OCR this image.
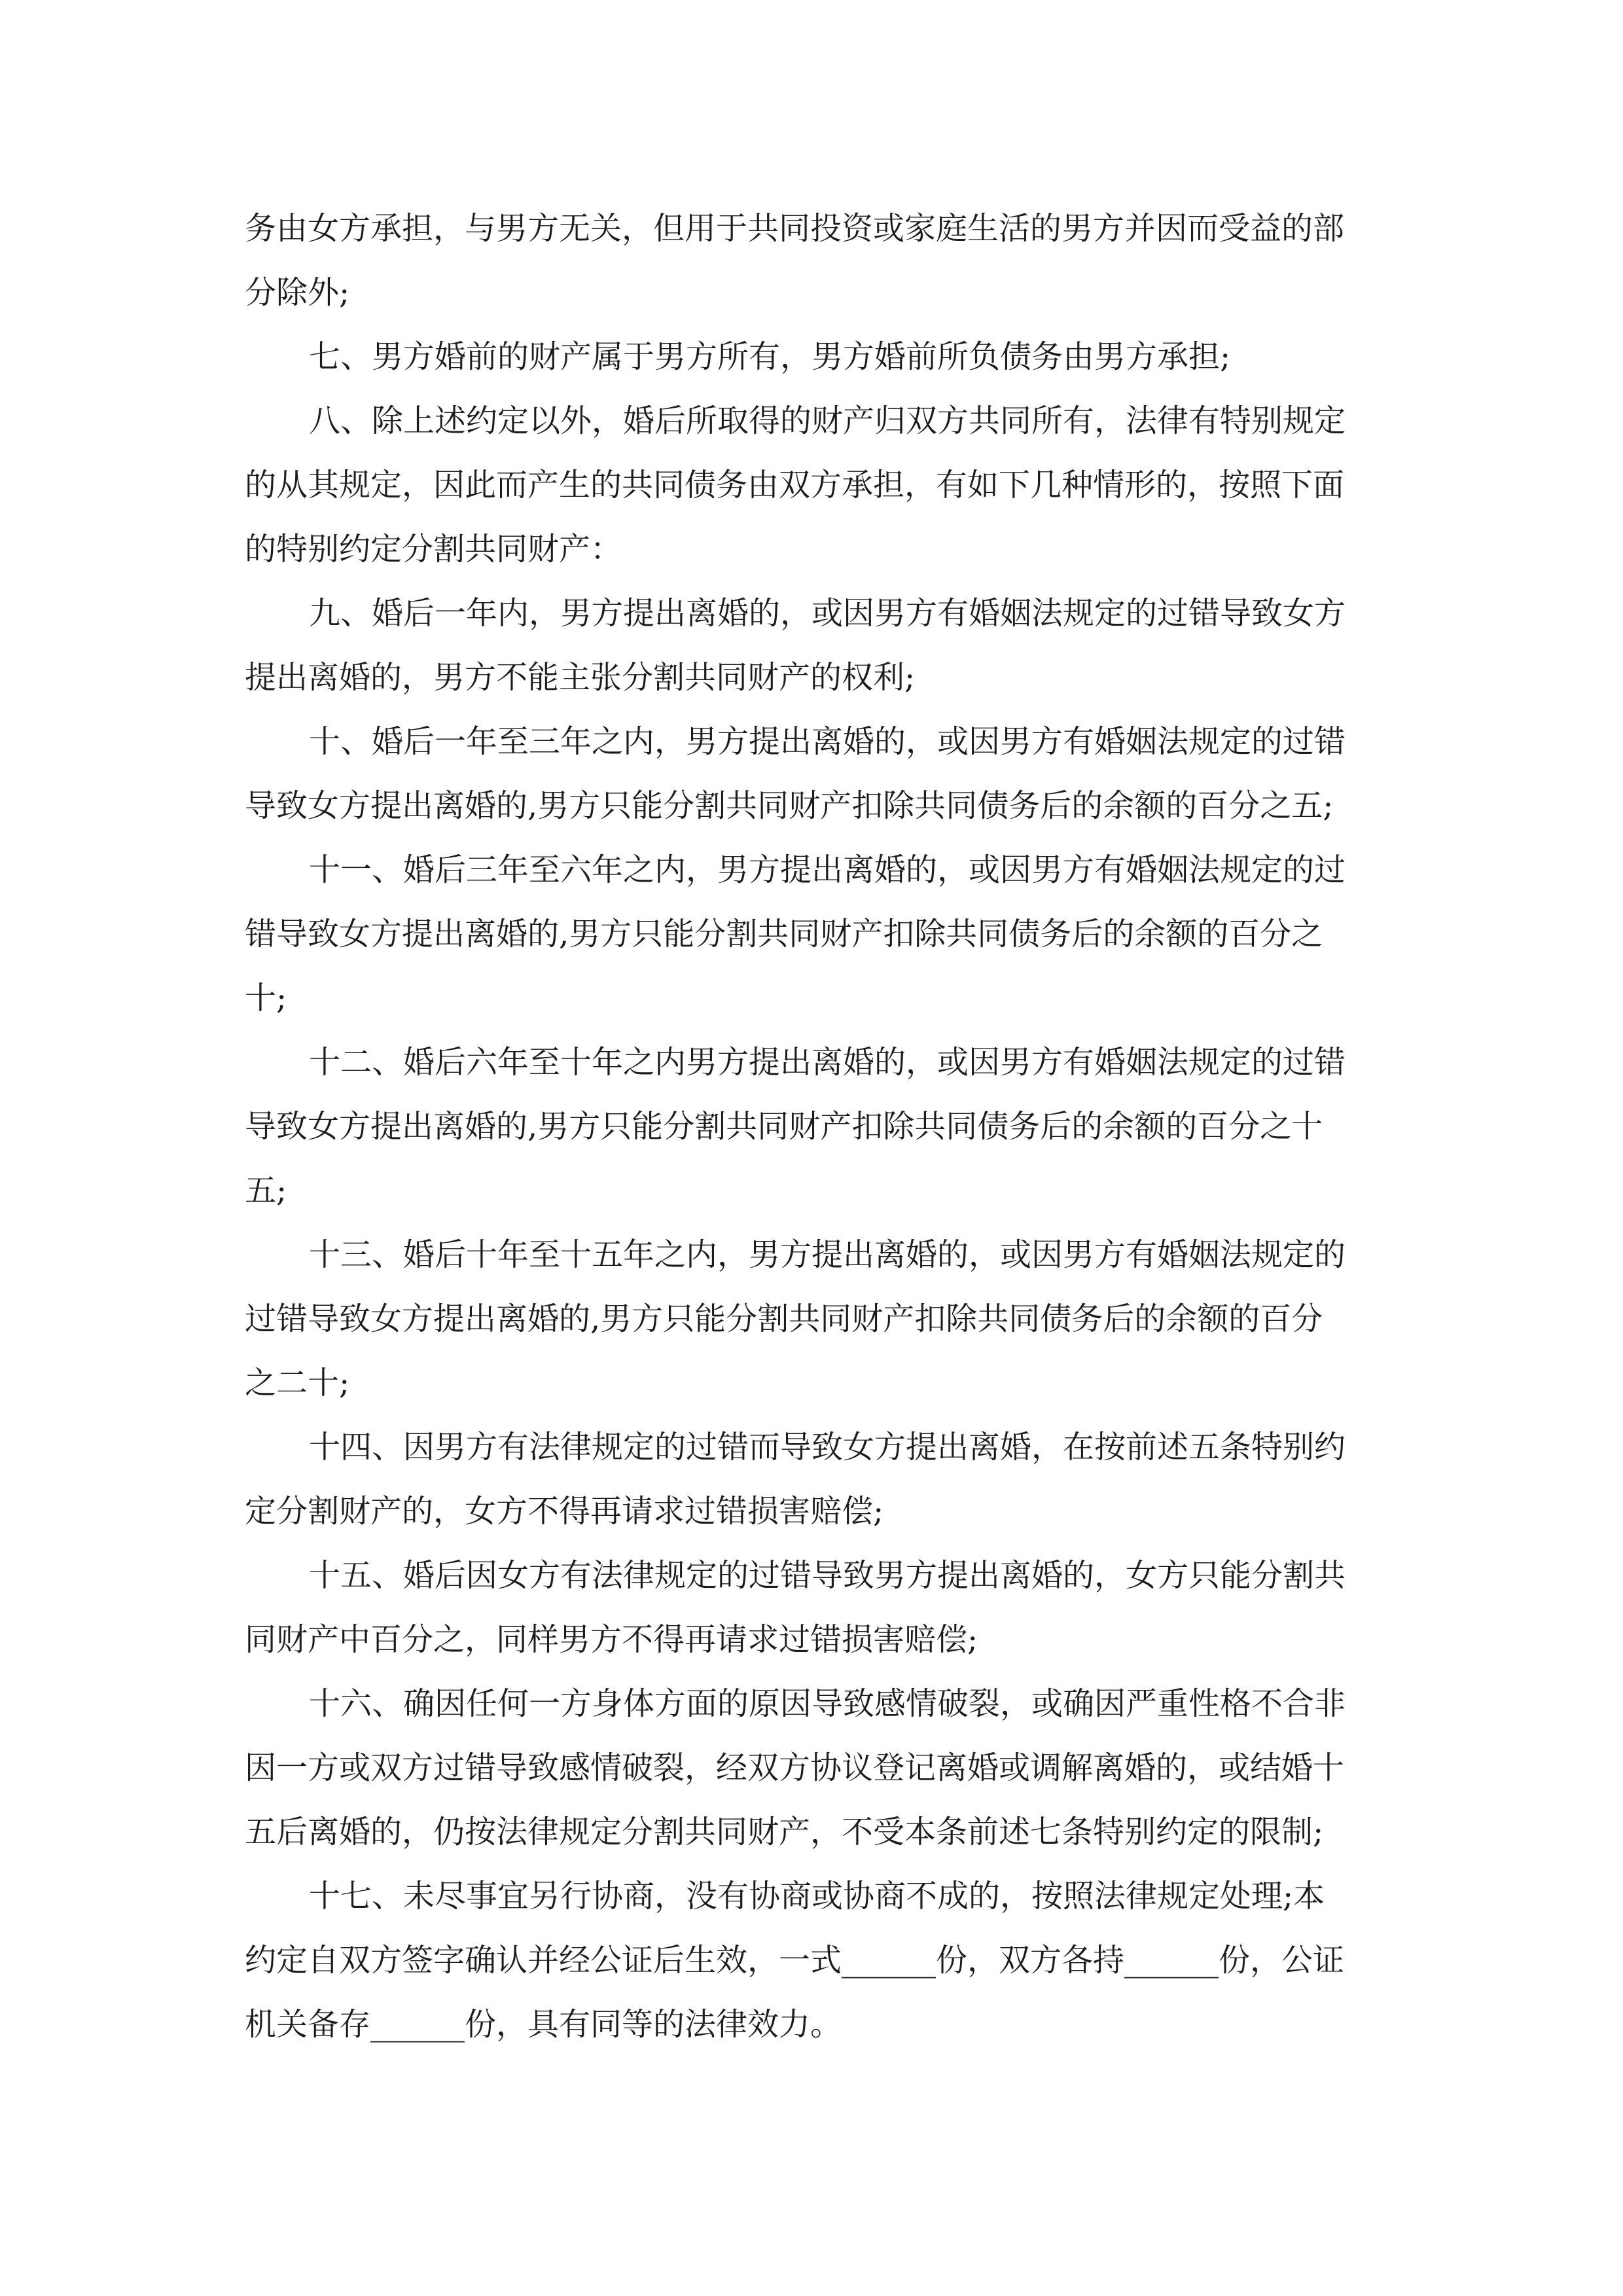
务由女方承担，与男方无关，但用于共同投资或家庭生活的男方并因而受益的部
分除外;
七、男方婚前的财产属于男方所有，男方婚前所负债务由男方承担;
八、除上述约定以外，婚后所取得的财产归双方共同所有，法律有特别规定
的从其规定，因此而产生的共同债务由双方承担，有如下几种情形的，按照下面
的特别约定分割共同财产：
九、婚后一年内，男方提出离婚的，或因男方有婚姻法规定的过错导致女方
提出离婚的，男方不能主张分割共同财产的权利;
十、婚后一年至三年之内，男方提出离婚的，或因男方有婚姻法规定的过错
导致女方提出离婚的,男方只能分割共同财产扣除共同债务后的余额的百分之五;
十一、婚后三年至六年之内，男方提出离婚的，或因男方有婚姻法规定的过
错导致女方提出离婚的,男方只能分割共同财产扣除共同债务后的余额的百分之
十;
十二、婚后六年至十年之内男方提出离婚的，或因男方有婚姻法规定的过错
导致女方提出离婚的,男方只能分割共同财产扣除共同债务后的余额的百分之十
五;
十三、婚后十年至十五年之内，男方提出离婚的，或因男方有婚姻法规定的
过错导致女方提出离婚的,男方只能分割共同财产扣除共同债务后的余额的百分
之二十;
十四、因男方有法律规定的过错而导致女方提出离婚，在按前述五条特别约
定分割财产的，女方不得再请求过错损害赔偿;
十五、婚后因女方有法律规定的过错导致男方提出离婚的，女方只能分割共
同财产中百分之，同样男方不得再请求过错损害赔偿;
十六、确因任何一方身体方面的原因导致感情破裂，或确因严重性格不合非
因一方或双方过错导致感情破裂，经双方协议登记离婚或调解离婚的，或结婚十
五后离婚的，仍按法律规定分割共同财产，不受本条前述七条特别约定的限制;
十七、未尽事宜另行协商，没有协商或协商不成的，按照法律规定处理;本
约定自双方签字确认并经公证后生效，一式______份，双方各持______份，公证
机关备存______份，具有同等的法律效力。
